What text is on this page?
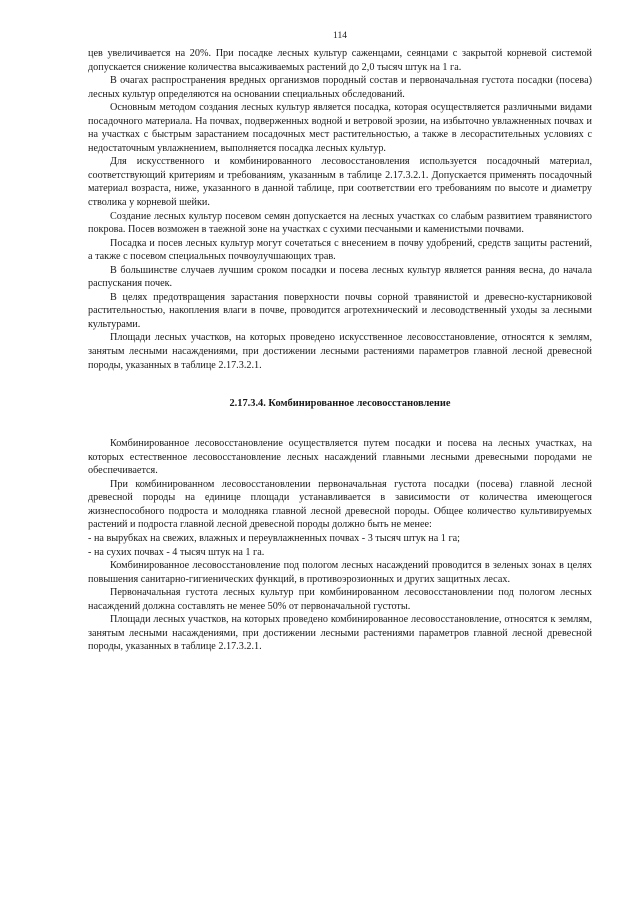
114

цев увеличивается на 20%. При посадке лесных культур саженцами, сеянцами с закрытой корневой системой допускается снижение количества высаживаемых растений до 2,0 тысяч штук на 1 га.

В очагах распространения вредных организмов породный состав и первоначальная густота посадки (посева) лесных культур определяются на основании специальных обследований.

Основным методом создания лесных культур является посадка, которая осуществляется различными видами посадочного материала. На почвах, подверженных водной и ветровой эрозии, на избыточно увлажненных почвах и на участках с быстрым зарастанием посадочных мест растительностью, а также в лесорастительных условиях с недостаточным увлажнением, выполняется посадка лесных культур.

Для искусственного и комбинированного лесовосстановления используется посадочный материал, соответствующий критериям и требованиям, указанным в таблице 2.17.3.2.1. Допускается применять посадочный материал возраста, ниже, указанного в данной таблице, при соответствии его требованиям по высоте и диаметру стволика у корневой шейки.

Создание лесных культур посевом семян допускается на лесных участках со слабым развитием травянистого покрова. Посев возможен в таежной зоне на участках с сухими песчаными и каменистыми почвами.

Посадка и посев лесных культур могут сочетаться с внесением в почву удобрений, средств защиты растений, а также с посевом специальных почвоулучшающих трав.

В большинстве случаев лучшим сроком посадки и посева лесных культур является ранняя весна, до начала распускания почек.

В целях предотвращения зарастания поверхности почвы сорной травянистой и древесно-кустарниковой растительностью, накопления влаги в почве, проводится агротехнический и лесоводственный уходы за лесными культурами.

Площади лесных участков, на которых проведено искусственное лесовосстановление, относятся к землям, занятым лесными насаждениями, при достижении лесными растениями параметров главной лесной древесной породы, указанных в таблице 2.17.3.2.1.

2.17.3.4. Комбинированное лесовосстановление

Комбинированное лесовосстановление осуществляется путем посадки и посева на лесных участках, на которых естественное лесовосстановление лесных насаждений главными лесными древесными породами не обеспечивается.

При комбинированном лесовосстановлении первоначальная густота посадки (посева) главной лесной древесной породы на единице площади устанавливается в зависимости от количества имеющегося жизнеспособного подроста и молодняка главной лесной древесной породы. Общее количество культивируемых растений и подроста главной лесной древесной породы должно быть не менее:

- на вырубках на свежих, влажных и переувлажненных почвах - 3 тысяч штук на 1 га;

- на сухих почвах - 4 тысяч штук на 1 га.

Комбинированное лесовосстановление под пологом лесных насаждений проводится в зеленых зонах в целях повышения санитарно-гигиенических функций, в противоэрозионных и других защитных лесах.

Первоначальная густота лесных культур при комбинированном лесовосстановлении под пологом лесных насаждений должна составлять не менее 50% от первоначальной густоты.

Площади лесных участков, на которых проведено комбинированное лесовосстановление, относятся к землям, занятым лесными насаждениями, при достижении лесными растениями параметров главной лесной древесной породы, указанных в таблице 2.17.3.2.1.
